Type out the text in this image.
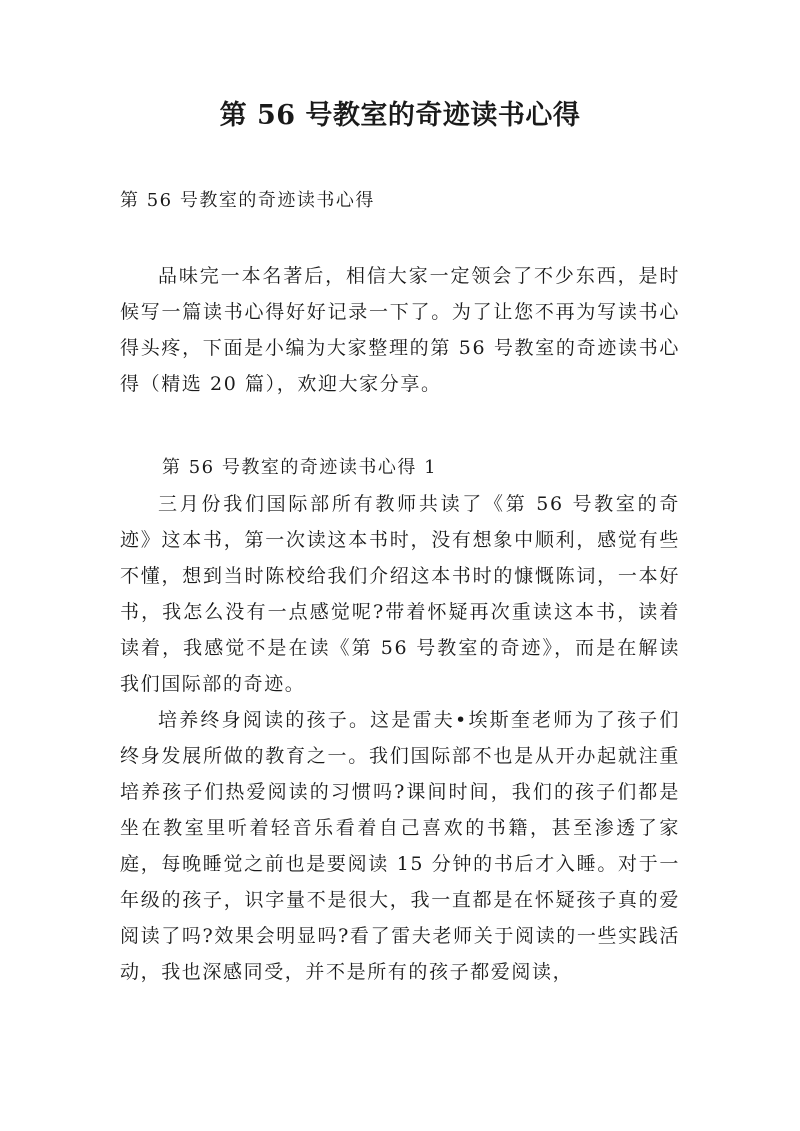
第 56 号教室的奇迹读书心得

第 56 号教室的奇迹读书心得

品味完一本名著后，相信大家一定领会了不少东西，是时候写一篇读书心得好好记录一下了。为了让您不再为写读书心得头疼，下面是小编为大家整理的第 56 号教室的奇迹读书心得（精选 20 篇），欢迎大家分享。

第 56 号教室的奇迹读书心得 1

三月份我们国际部所有教师共读了《第 56 号教室的奇迹》这本书，第一次读这本书时，没有想象中顺利，感觉有些不懂，想到当时陈校给我们介绍这本书时的慷慨陈词，一本好书，我怎么没有一点感觉呢?带着怀疑再次重读这本书，读着读着，我感觉不是在读《第 56 号教室的奇迹》，而是在解读我们国际部的奇迹。

培养终身阅读的孩子。这是雷夫•埃斯奎老师为了孩子们终身发展所做的教育之一。我们国际部不也是从开办起就注重培养孩子们热爱阅读的习惯吗?课间时间，我们的孩子们都是坐在教室里听着轻音乐看着自己喜欢的书籍，甚至渗透了家庭，每晚睡觉之前也是要阅读 15 分钟的书后才入睡。对于一年级的孩子，识字量不是很大，我一直都是在怀疑孩子真的爱阅读了吗?效果会明显吗?看了雷夫老师关于阅读的一些实践活动，我也深感同受，并不是所有的孩子都爱阅读，
